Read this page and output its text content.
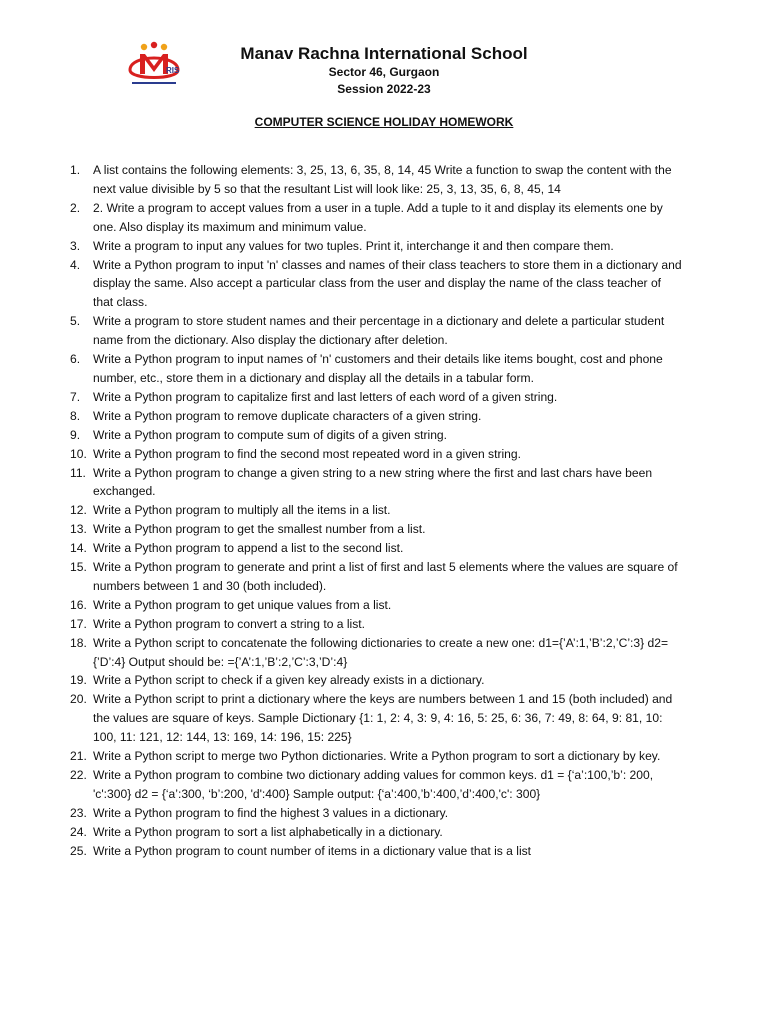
RIS
Manav Rachna International School
Sector 46, Gurgaon
Session 2022-23
COMPUTER SCIENCE HOLIDAY HOMEWORK
1. A list contains the following elements: 3, 25, 13, 6, 35, 8, 14, 45 Write a function to swap the content with the next value divisible by 5 so that the resultant List will look like: 25, 3, 13, 35, 6, 8, 45, 14
2. 2. Write a program to accept values from a user in a tuple. Add a tuple to it and display its elements one by one. Also display its maximum and minimum value.
3. Write a program to input any values for two tuples. Print it, interchange it and then compare them.
4. Write a Python program to input 'n' classes and names of their class teachers to store them in a dictionary and display the same. Also accept a particular class from the user and display the name of the class teacher of that class.
5. Write a program to store student names and their percentage in a dictionary and delete a particular student name from the dictionary. Also display the dictionary after deletion.
6. Write a Python program to input names of 'n' customers and their details like items bought, cost and phone number, etc., store them in a dictionary and display all the details in a tabular form.
7. Write a Python program to capitalize first and last letters of each word of a given string.
8. Write a Python program to remove duplicate characters of a given string.
9. Write a Python program to compute sum of digits of a given string.
10. Write a Python program to find the second most repeated word in a given string.
11. Write a Python program to change a given string to a new string where the first and last chars have been exchanged.
12. Write a Python program to multiply all the items in a list.
13. Write a Python program to get the smallest number from a list.
14. Write a Python program to append a list to the second list.
15. Write a Python program to generate and print a list of first and last 5 elements where the values are square of numbers between 1 and 30 (both included).
16. Write a Python program to get unique values from a list.
17. Write a Python program to convert a string to a list.
18. Write a Python script to concatenate the following dictionaries to create a new one: d1={’A’:1,’B’:2,’C’:3} d2={’D’:4} Output should be: ={’A’:1,’B’:2,’C’:3,’D’:4}
19. Write a Python script to check if a given key already exists in a dictionary.
20. Write a Python script to print a dictionary where the keys are numbers between 1 and 15 (both included) and the values are square of keys. Sample Dictionary {1: 1, 2: 4, 3: 9, 4: 16, 5: 25, 6: 36, 7: 49, 8: 64, 9: 81, 10: 100, 11: 121, 12: 144, 13: 169, 14: 196, 15: 225}
21. Write a Python script to merge two Python dictionaries. Write a Python program to sort a dictionary by key.
22. Write a Python program to combine two dictionary adding values for common keys. d1 = {‘a’:100,’b’: 200, 'c':300} d2 = {‘a’:300, ‘b’:200, 'd':400} Sample output: {‘a’:400,’b’:400,’d’:400,'c': 300}
23. Write a Python program to find the highest 3 values in a dictionary.
24. Write a Python program to sort a list alphabetically in a dictionary.
25. Write a Python program to count number of items in a dictionary value that is a list
